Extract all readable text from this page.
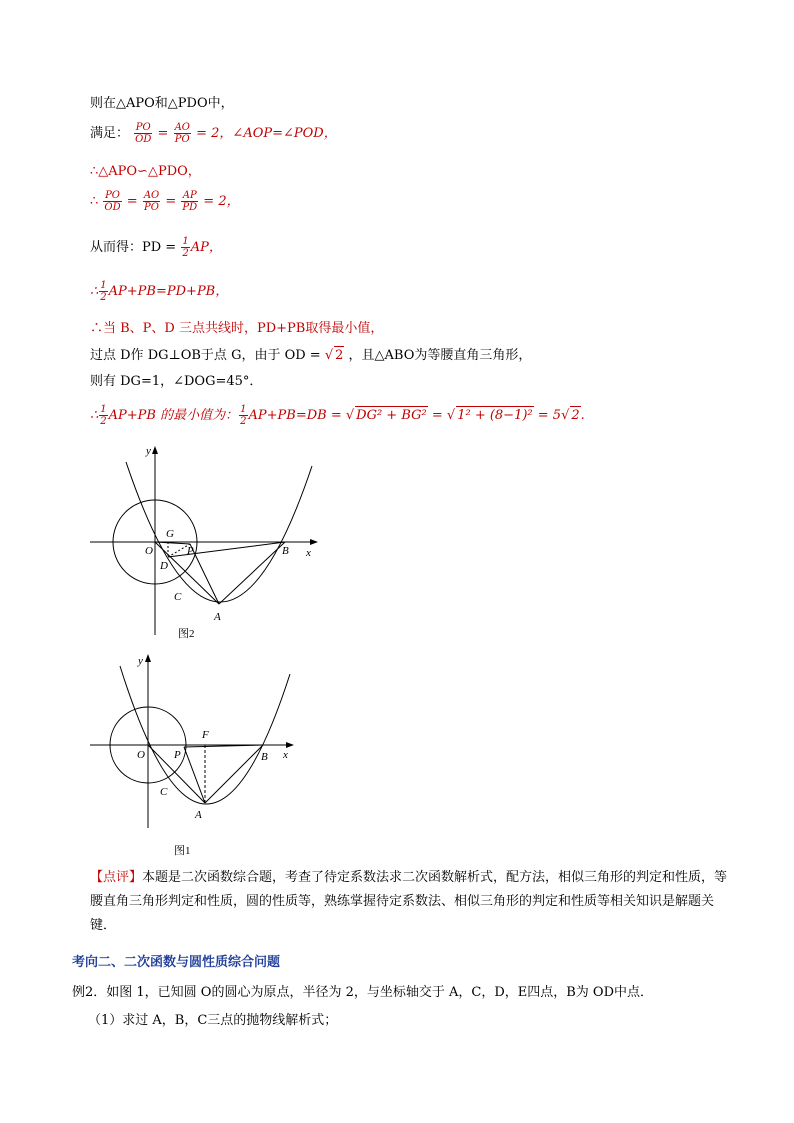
则在△APO和△PDO中，
满足： $\frac{PO}{OD} = \frac{AO}{PO} = 2$，∠AOP=∠POD，
∴△APO∽△PDO，
∴ $\frac{PO}{OD} = \frac{AO}{PO} = \frac{AP}{PD} = 2$，
从而得：PD = $\frac{1}{2}$ AP，
∴ $\frac{1}{2} AP+PB=PD+PB$，
∴当 B、P、D 三点共线时，PD+PB取得最小值，
过点 D作 DG⊥OB于点 G，由于 OD = √ 2 ，且△ABO为等腰直角三角形，
则有 DG=1，∠DOG=45°．
∴ $\frac{1}{2} AP+PB$ 的最小值为： $\frac{1}{2} AP+PB=DB$ = √ DG² + BG² = √ 1² + (8−1)² = 5√ 2.
y
x
O
G
P
D
B
C
A
图2
y
x
O
F
P	B
C
A
图1
【点评】本题是二次函数综合题，考查了待定系数法求二次函数解析式，配方法，相似三角形的判定和性质，等腰直角三角形判定和性质，圆的性质等，熟练掌握待定系数法、相似三角形的判定和性质等相关知识是解题关键．
考向二、二次函数与圆性质综合问题
例2．如图 1，已知圆 O的圆心为原点，半径为 2，与坐标轴交于 A，C，D，E四点，B为 OD中点．
（1）求过 A，B，C三点的抛物线解析式；
